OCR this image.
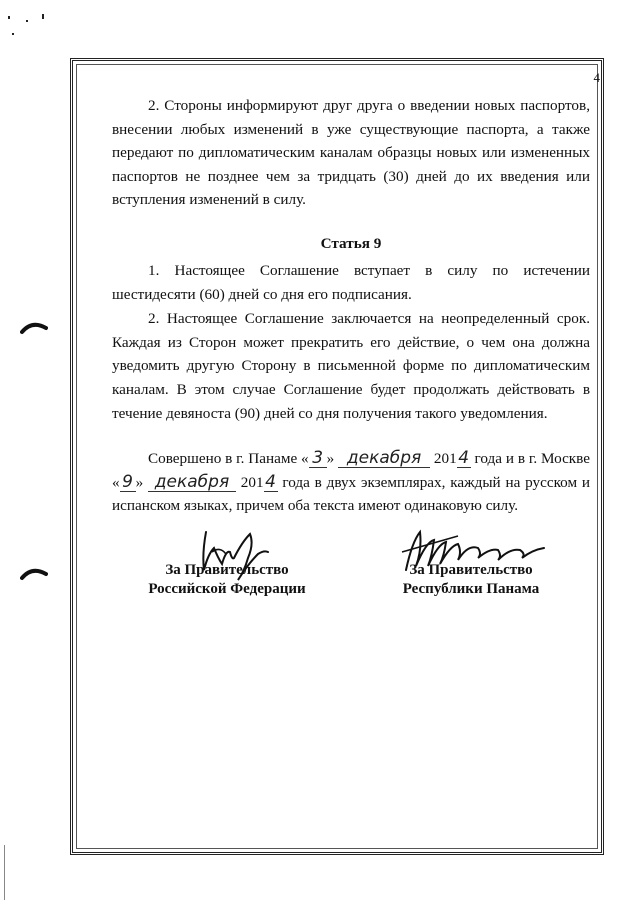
4

2. Стороны информируют друг друга о введении новых паспортов, внесении любых изменений в уже существующие паспорта, а также передают по дипломатическим каналам образцы новых или измененных паспортов не позднее чем за тридцать (30) дней до их введения или вступления изменений в силу.

Статья 9

1. Настоящее Соглашение вступает в силу по истечении шестидесяти (60) дней со дня его подписания.

2. Настоящее Соглашение заключается на неопределенный срок. Каждая из Сторон может прекратить его действие, о чем она должна уведомить другую Сторону в письменной форме по дипломатическим каналам. В этом случае Соглашение будет продолжать действовать в течение девяноста (90) дней со дня получения такого уведомления.

Совершено в г. Панаме « 3 » декабря 2014 года и в г. Москве « 9 » декабря 2014 года в двух экземплярах, каждый на русском и испанском языках, причем оба текста имеют одинаковую силу.

За Правительство
Российской Федерации
За Правительство
Республики Панама
